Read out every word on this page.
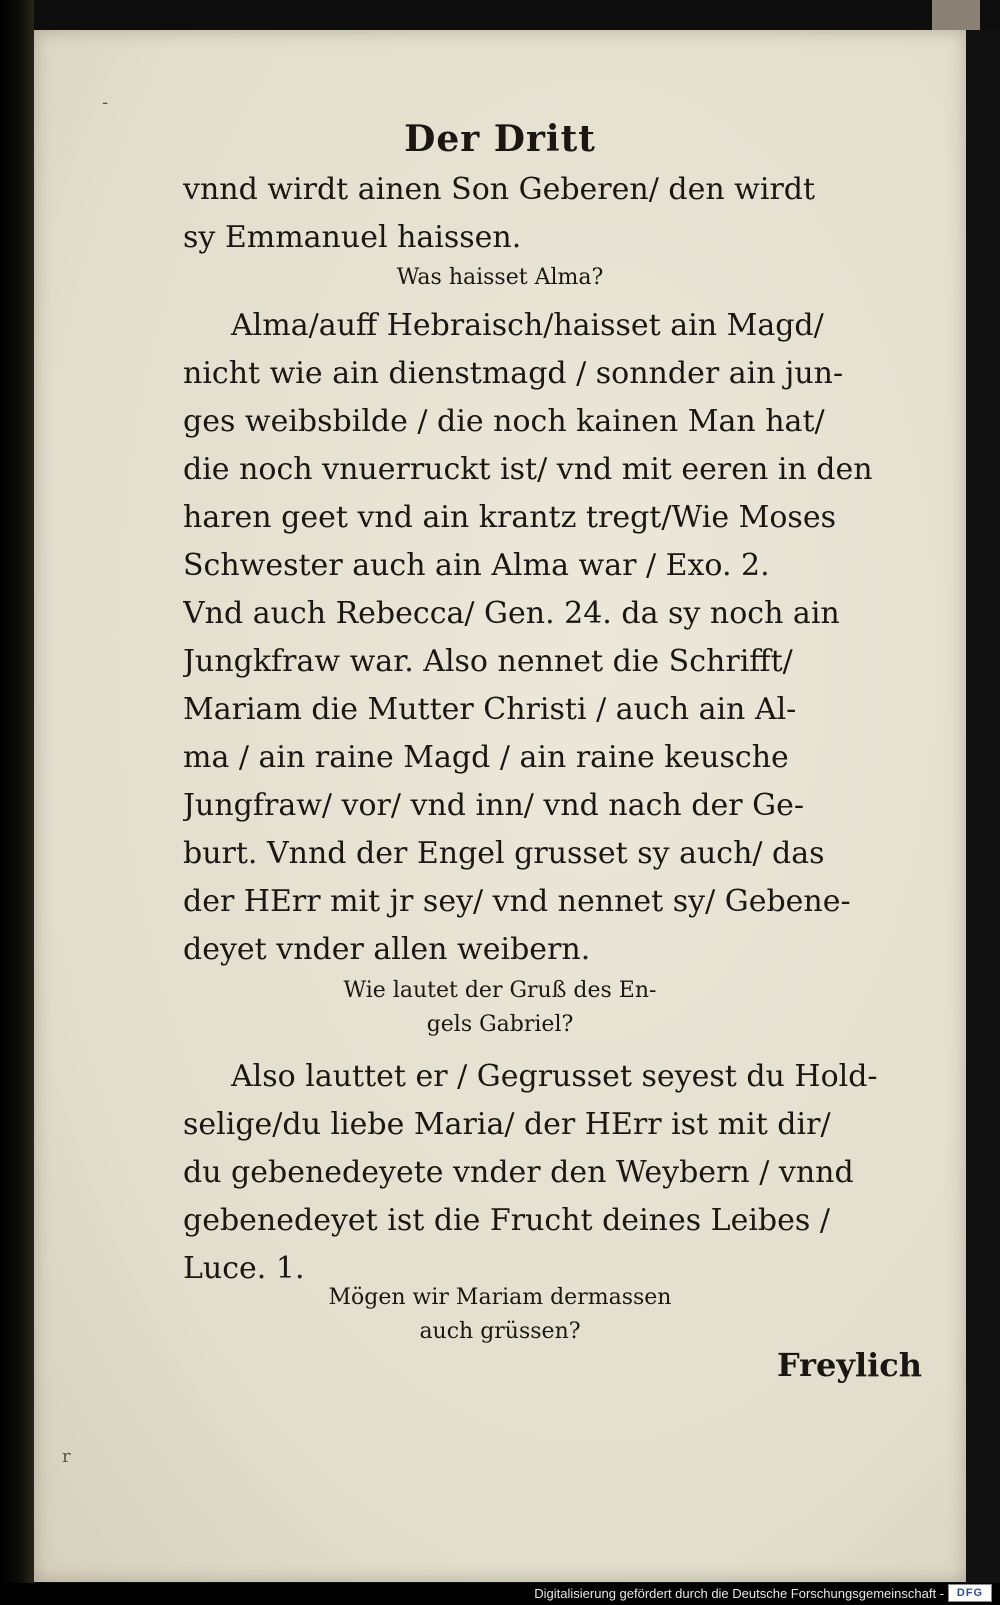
-
r
Der Dritt
vnnd wirdt ainen Son Geberen/ den wirdt
sy Emmanuel haissen.
Was haisset Alma?
Alma/auff Hebraisch/haisset ain Magd/
nicht wie ain dienstmagd / sonnder ain jun-
ges weibsbilde / die noch kainen Man hat/
die noch vnuerruckt ist/ vnd mit eeren in den
haren geet vnd ain krantz tregt/Wie Moses
Schwester auch ain Alma war / Exo. 2.
Vnd auch Rebecca/ Gen. 24. da sy noch ain
Jungkfraw war. Also nennet die Schrifft/
Mariam die Mutter Christi / auch ain Al-
ma / ain raine Magd / ain raine keusche
Jungfraw/ vor/ vnd inn/ vnd nach der Ge-
burt. Vnnd der Engel grusset sy auch/ das
der HErr mit jr sey/ vnd nennet sy/ Gebene-
deyet vnder allen weibern.
Wie lautet der Gruß des En-
gels Gabriel?
Also lauttet er / Gegrusset seyest du Hold-
selige/du liebe Maria/ der HErr ist mit dir/
du gebenedeyete vnder den Weybern / vnnd
gebenedeyet ist die Frucht deines Leibes /
Luce. 1.
Mögen wir Mariam dermassen
auch grüssen?
Freylich
Digitalisierung gefördert durch die Deutsche Forschungsgemeinschaft -	DFG
